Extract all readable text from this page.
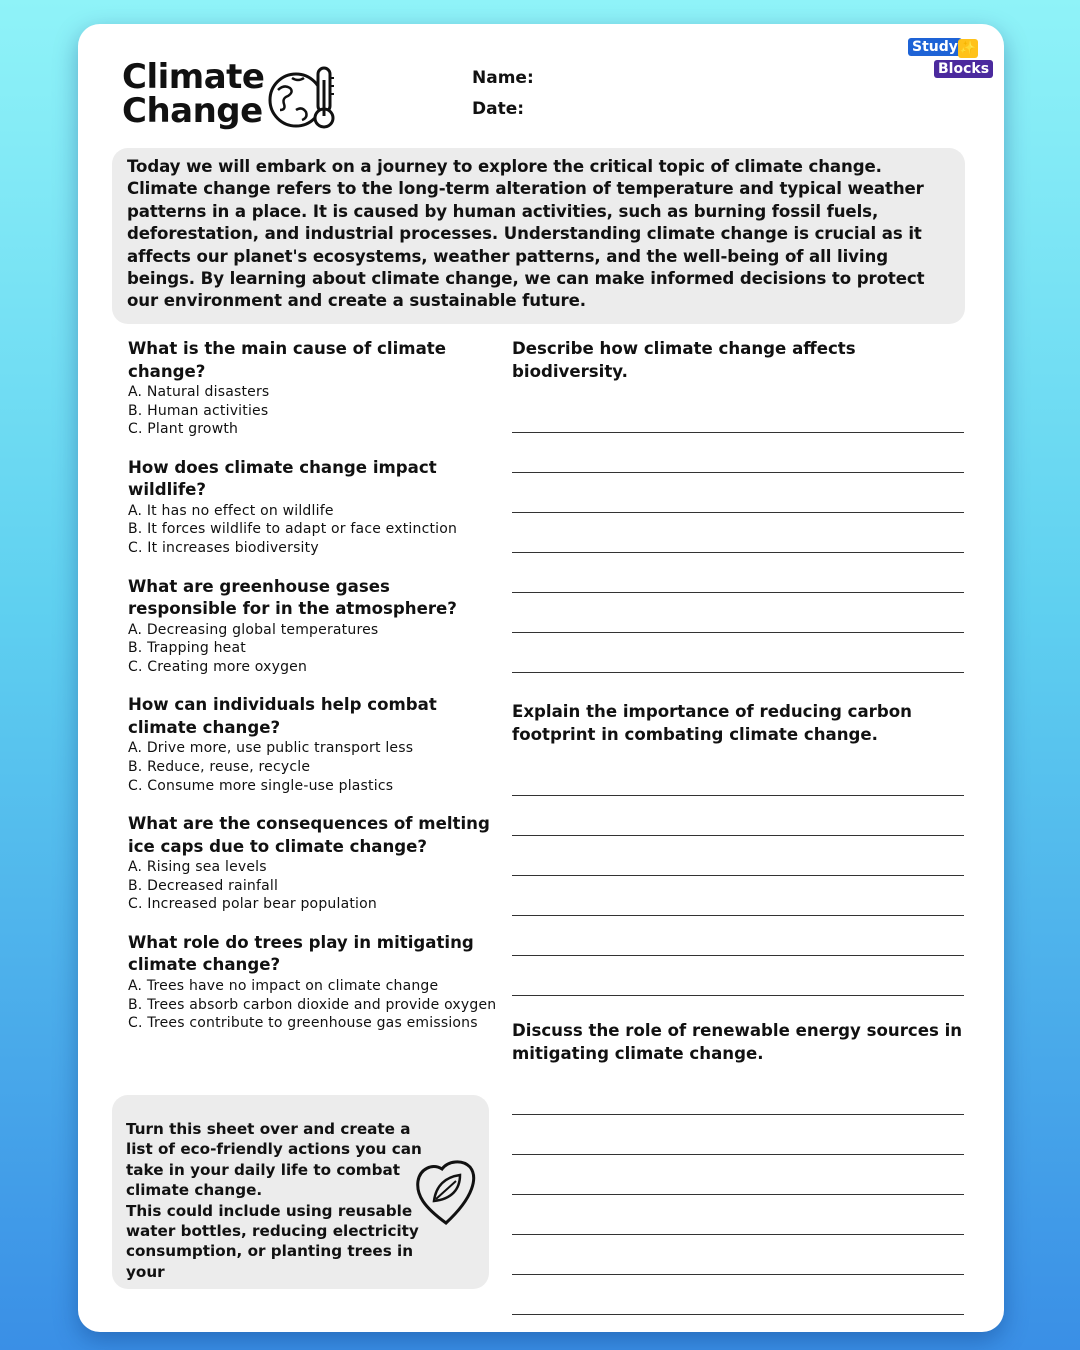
Study ✨
Blocks
Climate
Change
Name:
Date:
Today we will embark on a journey to explore the critical topic of climate change. Climate change refers to the long-term alteration of temperature and typical weather patterns in a place. It is caused by human activities, such as burning fossil fuels, deforestation, and industrial processes. Understanding climate change is crucial as it affects our planet's ecosystems, weather patterns, and the well-being of all living beings. By learning about climate change, we can make informed decisions to protect our environment and create a sustainable future.
What is the main cause of climate change?
A. Natural disasters
B. Human activities
C. Plant growth
How does climate change impact wildlife?
A. It has no effect on wildlife
B. It forces wildlife to adapt or face extinction
C. It increases biodiversity
What are greenhouse gases responsible for in the atmosphere?
A. Decreasing global temperatures
B. Trapping heat
C. Creating more oxygen
How can individuals help combat climate change?
A. Drive more, use public transport less
B. Reduce, reuse, recycle
C. Consume more single-use plastics
What are the consequences of melting ice caps due to climate change?
A. Rising sea levels
B. Decreased rainfall
C. Increased polar bear population
What role do trees play in mitigating climate change?
A. Trees have no impact on climate change
B. Trees absorb carbon dioxide and provide oxygen
C. Trees contribute to greenhouse gas emissions
Describe how climate change affects biodiversity.
Explain the importance of reducing carbon footprint in combating climate change.
Discuss the role of renewable energy sources in mitigating climate change.

Turn this sheet over and create a list of eco-friendly actions you can take in your daily life to combat climate change.

This could include using reusable water bottles, reducing electricity consumption, or planting trees in your
